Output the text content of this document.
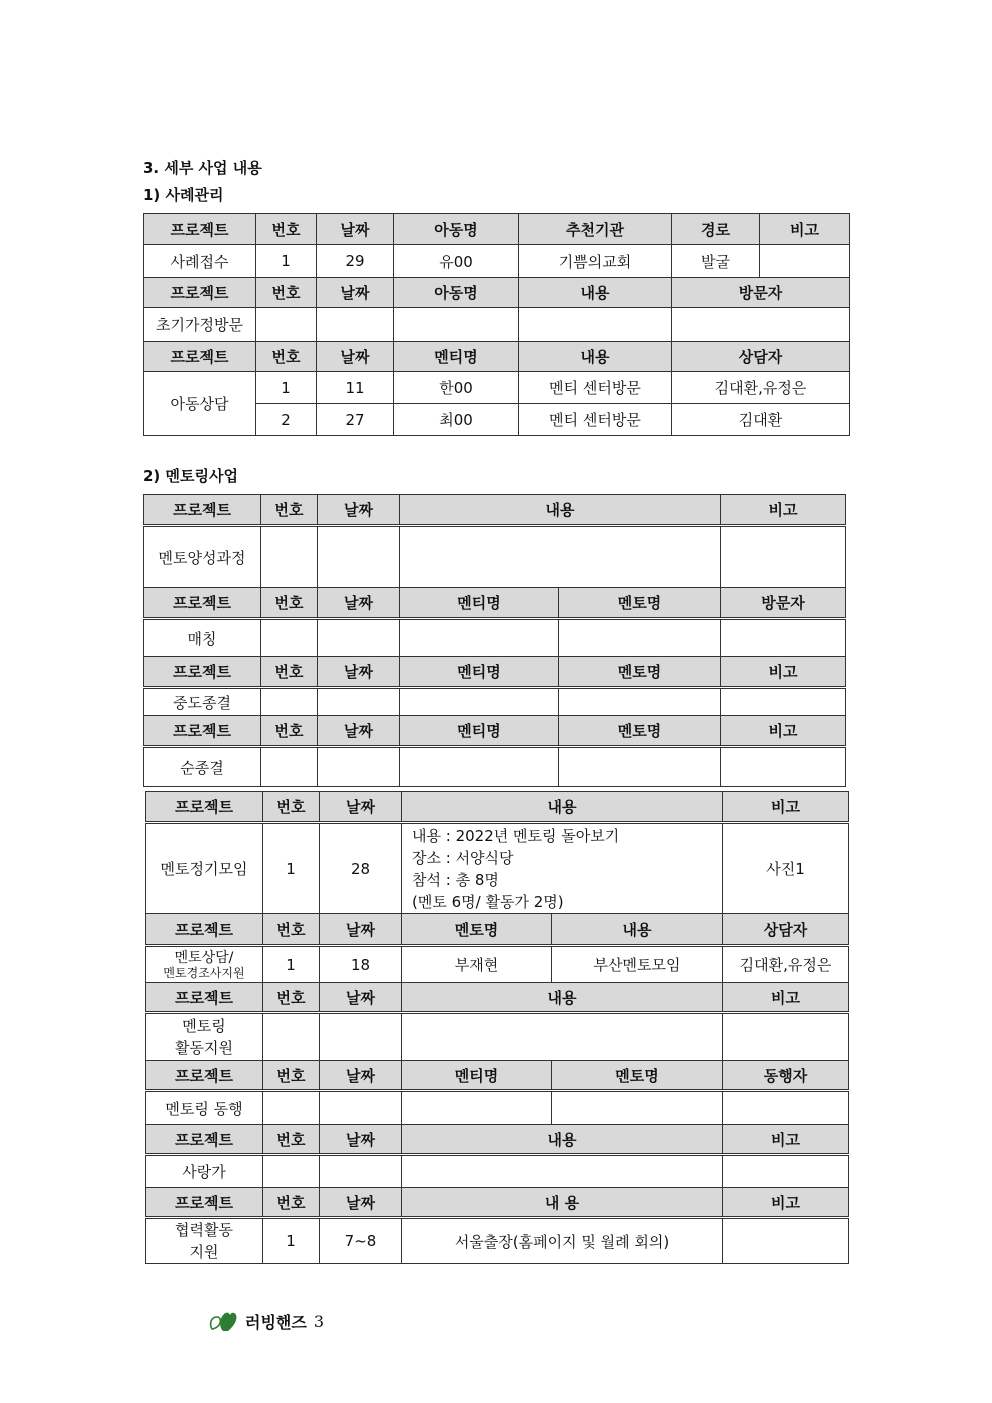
3. 세부 사업 내용
1) 사례관리
프로젝트	번호	날짜	아동명	추천기관	경로	비고
사례접수	1	29	유00	기쁨의교회	발굴	
프로젝트	번호	날짜	아동명	내용	방문자	
초기가정방문						
프로젝트	번호	날짜	멘티명	내용	상담자	
아동상담	1	11	한00	멘티 센터방문	김대환,유정은	
	2	27	최00	멘티 센터방문	김대환	
2) 멘토링사업
프로젝트	번호	날짜	내용		비고
멘토양성과정					
프로젝트	번호	날짜	멘티명	멘토명	방문자
매칭					
프로젝트	번호	날짜	멘티명	멘토명	비고
중도종결					
프로젝트	번호	날짜	멘티명	멘토명	비고
순종결					
프로젝트	번호	날짜	내용		비고
멘토정기모임	1	28	내용 : 2022년 멘토링 돌아보기
장소 : 서양식당
참석 : 총 8명
(멘토 6명/ 활동가 2명)		사진1
프로젝트	번호	날짜	멘토명	내용	상담자

멘토상담/
멘토경조사지원	1	18	부재현	부산멘토모임	김대환,유정은
프로젝트	번호	날짜	내용		비고

멘토링
활동지원					

프로젝트	번호	날짜	멘티명	멘토명	동행자
멘토링 동행					
프로젝트	번호	날짜	내용		비고
사랑가					
프로젝트	번호	날짜	내 용		비고

협력활동
지원	1	7~8	서울출장(홈페이지 및 월례 회의)		
러빙핸즈 3
